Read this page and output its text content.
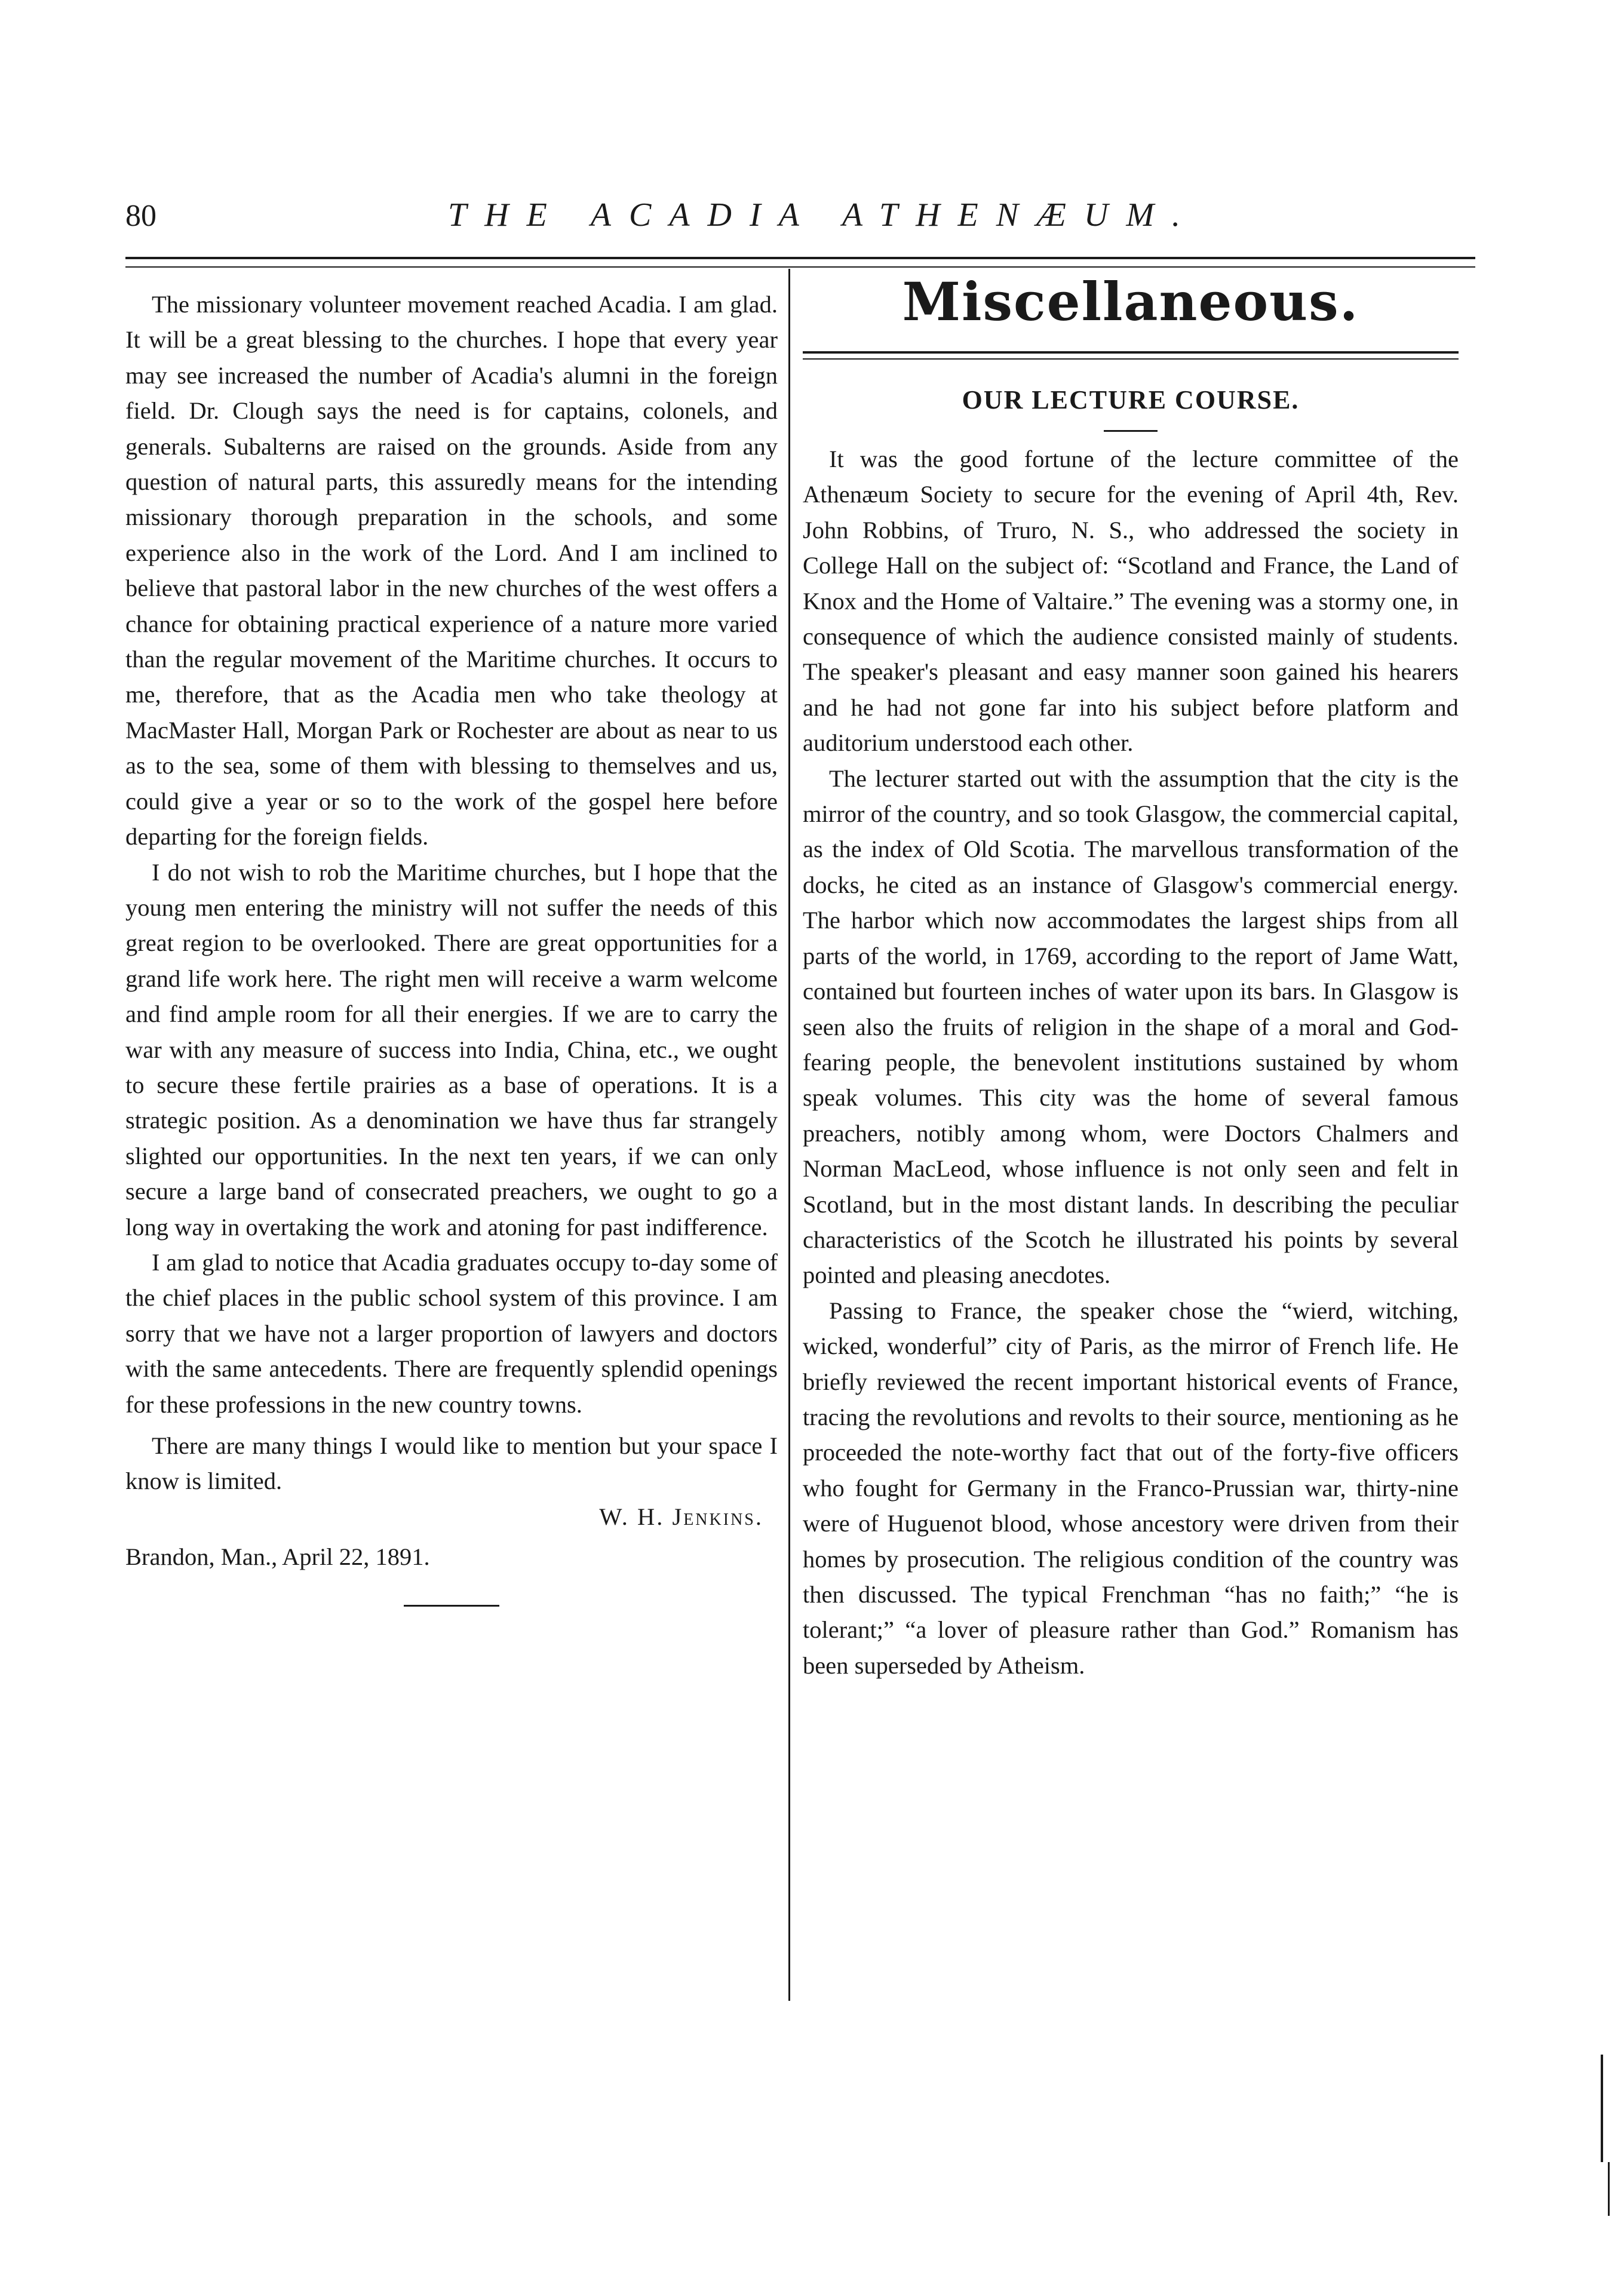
80	THE ACADIA ATHENÆUM.

The missionary volunteer movement reached Acadia. I am glad. It will be a great blessing to the churches. I hope that every year may see increased the number of Acadia's alumni in the foreign field. Dr. Clough says the need is for captains, colonels, and generals. Subalterns are raised on the grounds. Aside from any question of natural parts, this assuredly means for the intending missionary thorough preparation in the schools, and some experience also in the work of the Lord. And I am inclined to believe that pastoral labor in the new churches of the west offers a chance for obtaining practical experience of a nature more varied than the regular movement of the Maritime churches. It occurs to me, therefore, that as the Acadia men who take theology at MacMaster Hall, Morgan Park or Rochester are about as near to us as to the sea, some of them with blessing to themselves and us, could give a year or so to the work of the gospel here before departing for the foreign fields.

I do not wish to rob the Maritime churches, but I hope that the young men entering the ministry will not suffer the needs of this great region to be overlooked. There are great opportunities for a grand life work here. The right men will receive a warm welcome and find ample room for all their energies. If we are to carry the war with any measure of success into India, China, etc., we ought to secure these fertile prairies as a base of operations. It is a strategic position. As a denomination we have thus far strangely slighted our opportunities. In the next ten years, if we can only secure a large band of consecrated preachers, we ought to go a long way in overtaking the work and atoning for past indifference.

I am glad to notice that Acadia graduates occupy to-day some of the chief places in the public school system of this province. I am sorry that we have not a larger proportion of lawyers and doctors with the same antecedents. There are frequently splendid openings for these professions in the new country towns.

There are many things I would like to mention but your space I know is limited.

W. H. Jenkins.

Brandon, Man., April 22, 1891.

Miscellaneous.
OUR LECTURE COURSE.

It was the good fortune of the lecture committee of the Athenæum Society to secure for the evening of April 4th, Rev. John Robbins, of Truro, N. S., who addressed the society in College Hall on the subject of: “Scotland and France, the Land of Knox and the Home of Valtaire.” The evening was a stormy one, in consequence of which the audience consisted mainly of students. The speaker's pleasant and easy manner soon gained his hearers and he had not gone far into his subject before platform and auditorium understood each other.

The lecturer started out with the assumption that the city is the mirror of the country, and so took Glasgow, the commercial capital, as the index of Old Scotia. The marvellous transformation of the docks, he cited as an instance of Glasgow's commercial energy. The harbor which now accommodates the largest ships from all parts of the world, in 1769, according to the report of Jame Watt, contained but fourteen inches of water upon its bars. In Glasgow is seen also the fruits of religion in the shape of a moral and God-fearing people, the benevolent institutions sustained by whom speak volumes. This city was the home of several famous preachers, notibly among whom, were Doctors Chalmers and Norman MacLeod, whose influence is not only seen and felt in Scotland, but in the most distant lands. In describing the peculiar characteristics of the Scotch he illustrated his points by several pointed and pleasing anecdotes.

Passing to France, the speaker chose the “wierd, witching, wicked, wonderful” city of Paris, as the mirror of French life. He briefly reviewed the recent important historical events of France, tracing the revolutions and revolts to their source, mentioning as he proceeded the note-worthy fact that out of the forty-five officers who fought for Germany in the Franco-Prussian war, thirty-nine were of Huguenot blood, whose ancestory were driven from their homes by prosecution. The religious condition of the country was then discussed. The typical Frenchman “has no faith;” “he is tolerant;” “a lover of pleasure rather than God.” Romanism has been superseded by Atheism.
